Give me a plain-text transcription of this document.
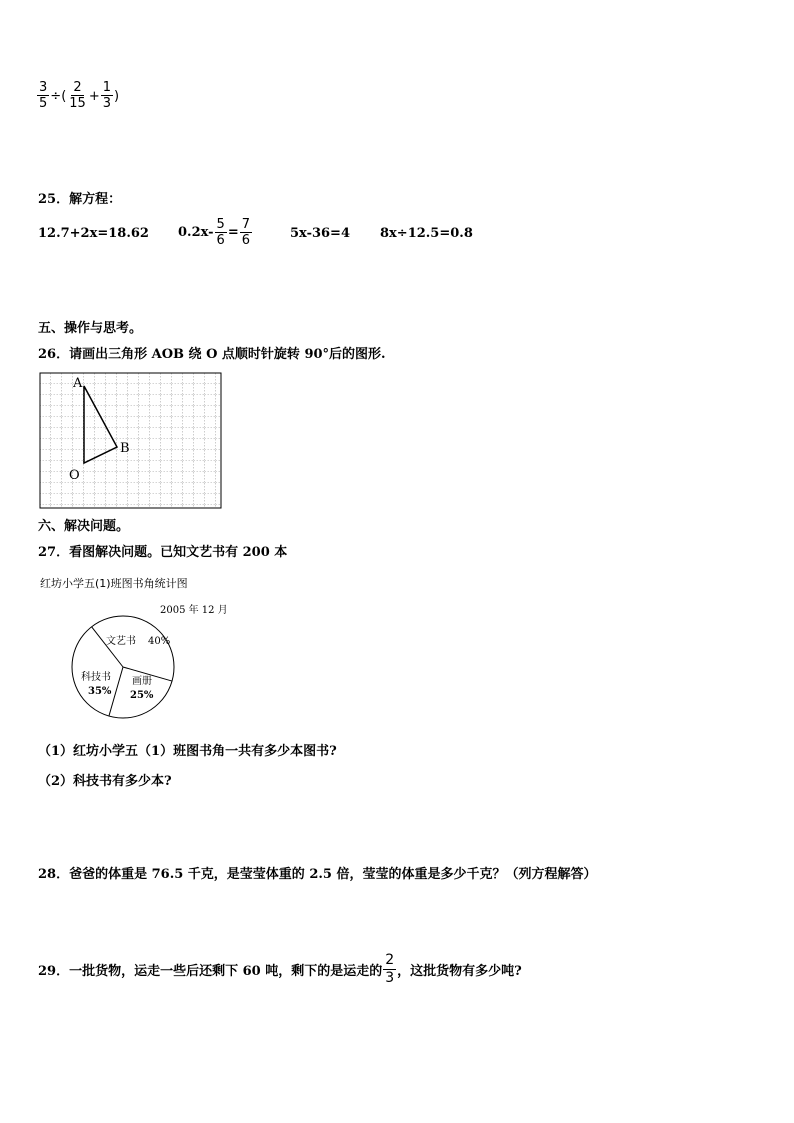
$\frac{3}{5}$ ÷( $\frac{2}{15} + \frac{1}{3}$ )
25．解方程：
12.7+2x=18.62 $0.2x- \frac{5}{6} = \frac{7}{6}$	5x-36=4 8x÷12.5=0.8
五、操作与思考。
26．请画出三角形 AOB 绕 O 点顺时针旋转 90°后的图形.
A
B
O
六、解决问题。
27．看图解决问题。已知文艺书有 200 本
红坊小学五(1)班图书角统计图
2005 年 12 月
文艺书 40%
画册
25%
科技书
35%
（1）红坊小学五（1）班图书角一共有多少本图书?
（2）科技书有多少本?
28．爸爸的体重是 76.5 千克，是莹莹体重的 2.5 倍，莹莹的体重是多少千克？（列方程解答）
29．一批货物，运走一些后还剩下 60 吨，剩下的是运走的 $\frac{2}{3}$ ，这批货物有多少吨?
